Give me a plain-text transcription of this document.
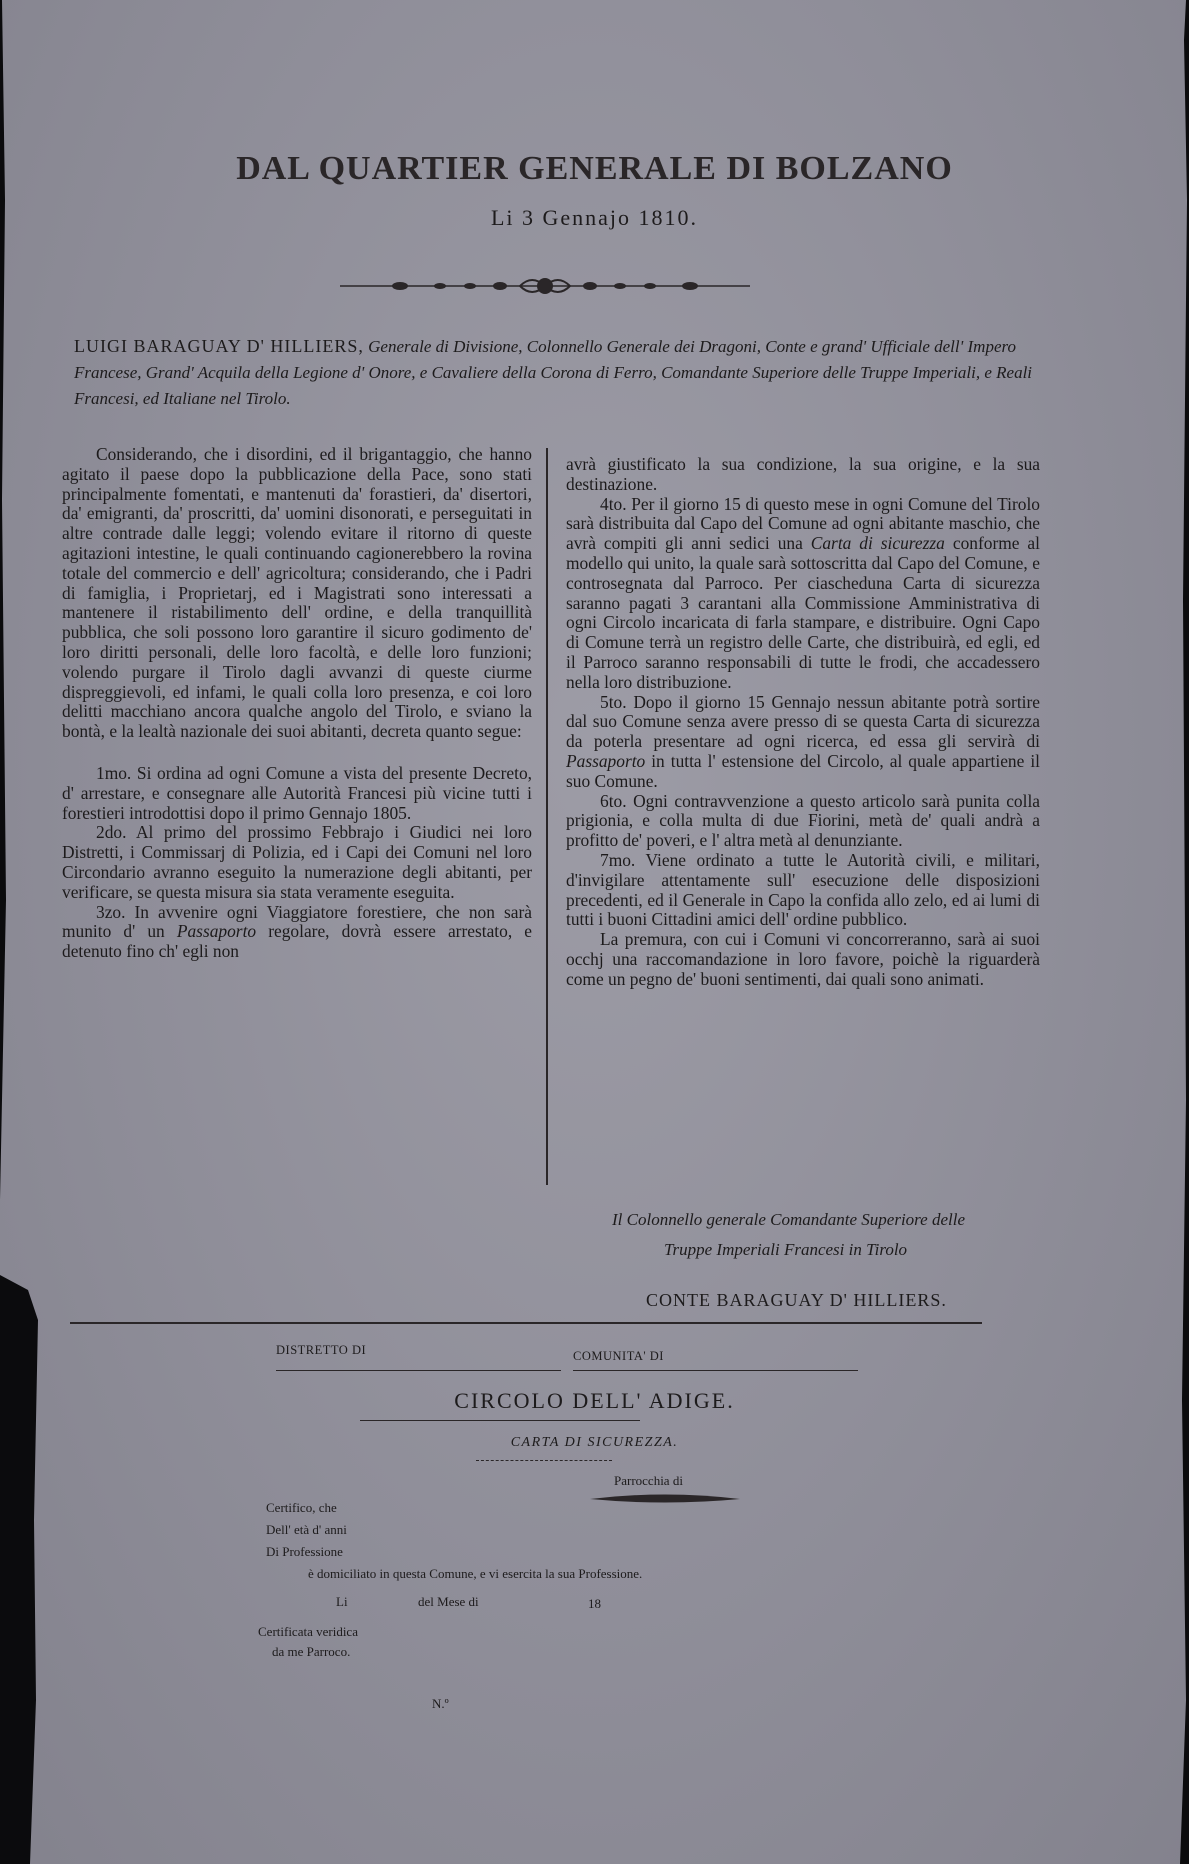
DAL QUARTIER GENERALE DI BOLZANO
Li 3 Gennajo 1810.
LUIGI BARAGUAY D' HILLIERS, Generale di Divisione, Colonnello Generale dei Dragoni, Conte e grand' Ufficiale dell' Impero Francese, Grand' Acquila della Legione d' Onore, e Cavaliere della Corona di Ferro, Comandante Superiore delle Truppe Imperiali, e Reali Francesi, ed Italiane nel Tirolo.

Considerando, che i disordini, ed il brigantaggio, che hanno agitato il paese dopo la pubblicazione della Pace, sono stati principalmente fomentati, e mantenuti da' forastieri, da' disertori, da' emigranti, da' proscritti, da' uomini disonorati, e perseguitati in altre contrade dalle leggi; volendo evitare il ritorno di queste agitazioni intestine, le quali continuando cagionerebbero la rovina totale del commercio e dell' agricoltura; considerando, che i Padri di famiglia, i Proprietarj, ed i Magistrati sono interessati a mantenere il ristabilimento dell' ordine, e della tranquillità pubblica, che soli possono loro garantire il sicuro godimento de' loro diritti personali, delle loro facoltà, e delle loro funzioni; volendo purgare il Tirolo dagli avvanzi di queste ciurme dispreggievoli, ed infami, le quali colla loro presenza, e coi loro delitti macchiano ancora qualche angolo del Tirolo, e sviano la bontà, e la lealtà nazionale dei suoi abitanti, decreta quanto segue:

1mo. Si ordina ad ogni Comune a vista del presente Decreto, d' arrestare, e consegnare alle Autorità Francesi più vicine tutti i forestieri introdottisi dopo il primo Gennajo 1805.

2do. Al primo del prossimo Febbrajo i Giudici nei loro Distretti, i Commissarj di Polizia, ed i Capi dei Comuni nel loro Circondario avranno eseguito la numerazione degli abitanti, per verificare, se questa misura sia stata veramente eseguita.

3zo. In avvenire ogni Viaggiatore forestiere, che non sarà munito d' un Passaporto regolare, dovrà essere arrestato, e detenuto fino ch' egli non

avrà giustificato la sua condizione, la sua origine, e la sua destinazione.

4to. Per il giorno 15 di questo mese in ogni Comune del Tirolo sarà distribuita dal Capo del Comune ad ogni abitante maschio, che avrà compiti gli anni sedici una Carta di sicurezza conforme al modello qui unito, la quale sarà sottoscritta dal Capo del Comune, e controsegnata dal Parroco. Per ciascheduna Carta di sicurezza saranno pagati 3 carantani alla Commissione Amministrativa di ogni Circolo incaricata di farla stampare, e distribuire. Ogni Capo di Comune terrà un registro delle Carte, che distribuirà, ed egli, ed il Parroco saranno responsabili di tutte le frodi, che accadessero nella loro distribuzione.

5to. Dopo il giorno 15 Gennajo nessun abitante potrà sortire dal suo Comune senza avere presso di se questa Carta di sicurezza da poterla presentare ad ogni ricerca, ed essa gli servirà di Passaporto in tutta l' estensione del Circolo, al quale appartiene il suo Comune.

6to. Ogni contravvenzione a questo articolo sarà punita colla prigionia, e colla multa di due Fiorini, metà de' quali andrà a profitto de' poveri, e l' altra metà al denunziante.

7mo. Viene ordinato a tutte le Autorità civili, e militari, d'invigilare attentamente sull' esecuzione delle disposizioni precedenti, ed il Generale in Capo la confida allo zelo, ed ai lumi di tutti i buoni Cittadini amici dell' ordine pubblico.

La premura, con cui i Comuni vi concorreranno, sarà ai suoi occhj una raccomandazione in loro favore, poichè la riguarderà come un pegno de' buoni sentimenti, dai quali sono animati.

Il Colonnello generale Comandante Superiore delle
Truppe Imperiali Francesi in Tirolo
CONTE BARAGUAY D' HILLIERS.
DISTRETTO DI	COMUNITA' DI
CIRCOLO DELL' ADIGE.
CARTA DI SICUREZZA.
Parrocchia di
Certifico, che
Dell' età d' anni
Di Professione
è domiciliato in questa Comune, e vi esercita la sua Professione.
Li	del Mese di	18
Certificata veridica
da me Parroco.
N.º
